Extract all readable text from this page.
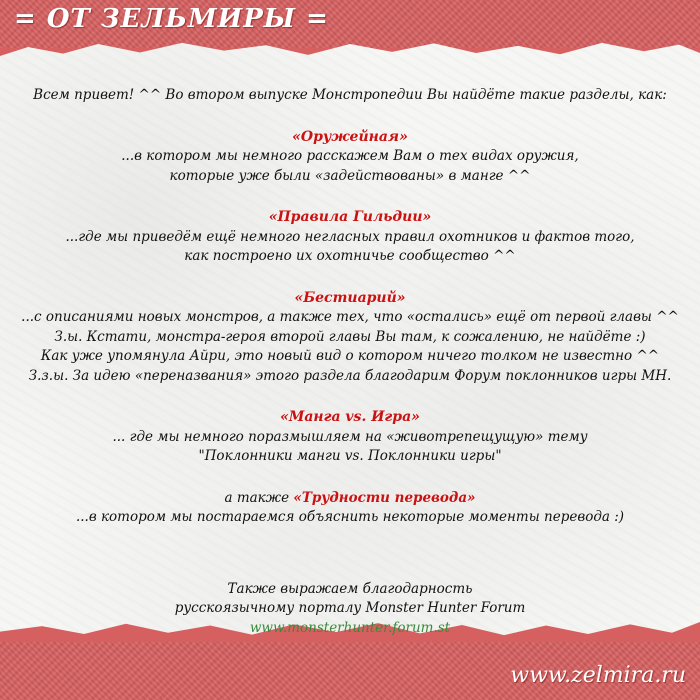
= ОТ ЗЕЛЬМИРЫ =
www.zelmira.ru

Всем привет! ^^ Во втором выпуске Монстропедии Вы найдёте такие разделы, как:

«Оружейная»

...в котором мы немного расскажем Вам о тех видах оружия,

которые уже были «задействованы» в манге ^^

«Правила Гильдии»

...где мы приведём ещё немного негласных правил охотников и фактов того,

как построено их охотничье сообщество ^^

«Бестиарий»

...с описаниями новых монстров, а также тех, что «остались» ещё от первой главы ^^

З.ы. Кстати, монстра-героя второй главы Вы там, к сожалению, не найдёте :)

Как уже упомянула Айри, это новый вид о котором ничего толком не известно ^^

З.з.ы. За идею «переназвания» этого раздела благодарим Форум поклонников игры МН.

«Манга vs. Игра»

... где мы немного поразмышляем на «животрепещущую» тему

"Поклонники манги vs. Поклонники игры"

а также «Трудности перевода»

...в котором мы постараемся объяснить некоторые моменты перевода :)

Также выражаем благодарность

русскоязычному порталу Monster Hunter Forum

www.monsterhunter.forum.st
